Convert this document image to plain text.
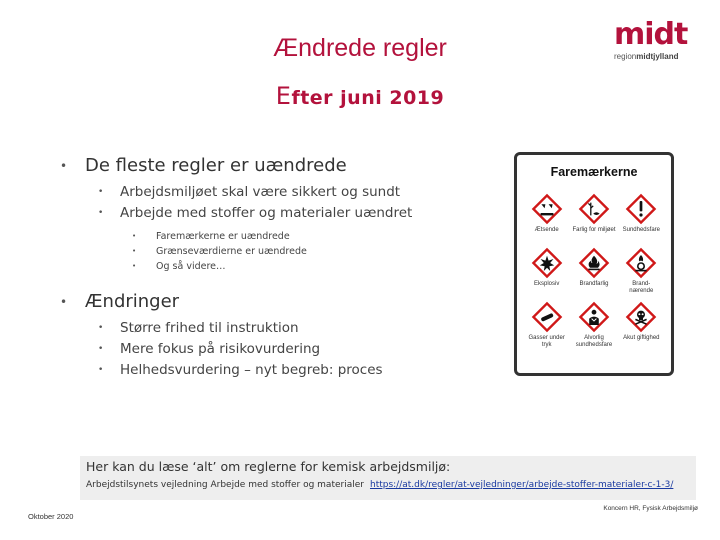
Ændrede regler
Efter juni 2019
midt
regionmidtjylland
• De fleste regler er uændrede
• Arbejdsmiljøet skal være sikkert og sundt
• Arbejde med stoffer og materialer uændret
• Faremærkerne er uændrede
• Grænseværdierne er uændrede
• Og så videre…
• Ændringer
• Større frihed til instruktion
• Mere fokus på risikovurdering
• Helhedsvurdering – nyt begreb: proces
Faremærkerne
Ætsende Farlig for miljøet Sundhedsfare
Eksplosiv	Brandfarlig	Brand-
nærende
Gasser under tryk
Alvorlig sundhedsfare
Akut giftighed
Her kan du læse ‘alt’ om reglerne for kemisk arbejdsmiljø:
Arbejdstilsynets vejledning Arbejde med stoffer og materialer https://at.dk/regler/at-vejledninger/arbejde-stoffer-materialer-c-1-3/
Oktober 2020
Koncern HR, Fysisk Arbejdsmiljø
